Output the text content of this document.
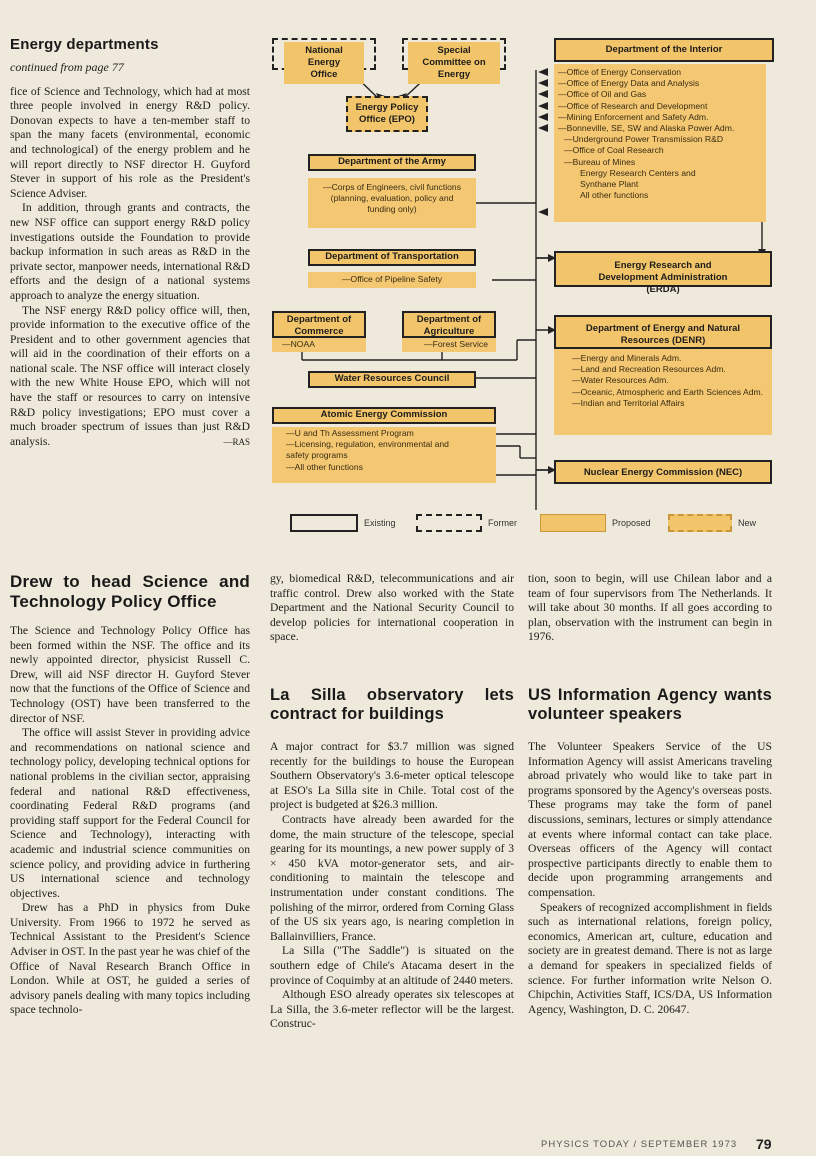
Energy departments
continued from page 77

fice of Science and Technology, which had at most three people involved in energy R&D policy. Donovan expects to have a ten-member staff to span the many facets (environmental, economic and technological) of the energy problem and he will report directly to NSF director H. Guyford Stever in support of his role as the President's Science Adviser.

In addition, through grants and contracts, the new NSF office can support energy R&D policy investigations outside the Foundation to provide backup information in such areas as R&D in the private sector, manpower needs, international R&D efforts and the design of a national systems approach to analyze the energy situation.

The NSF energy R&D policy office will, then, provide information to the executive office of the President and to other government agencies that will aid in the coordination of their efforts on a national scale. The NSF office will interact closely with the new White House EPO, which will not have the staff or resources to carry on intensive R&D policy investigations; EPO must cover a much broader spectrum of issues than just R&D analysis.	—RAS
National Energy Office
Special Committee on Energy
Energy Policy Office (EPO)
Department of the Army
—Corps of Engineers, civil functions (planning, evaluation, policy and funding only)
Department of Transportation
—Office of Pipeline Safety
Department of Commerce
—NOAA
Department of Agriculture
—Forest Service
Water Resources Council
Atomic Energy Commission
—U and Th Assessment Program
—Licensing, regulation, environmental and safety programs
—All other functions
Department of the Interior
—Office of Energy Conservation
—Office of Energy Data and Analysis
—Office of Oil and Gas
—Office of Research and Development
—Mining Enforcement and Safety Adm.
—Bonneville, SE, SW and Alaska Power Adm.
—Underground Power Transmission R&D
—Office of Coal Research
—Bureau of Mines
Energy Research Centers and
Synthane Plant
All other functions
Energy Research and Development Administration (ERDA)
Department of Energy and Natural Resources (DENR)
—Energy and Minerals Adm.
—Land and Recreation Resources Adm.
—Water Resources Adm.
—Oceanic, Atmospheric and Earth Sciences Adm.
—Indian and Territorial Affairs
Nuclear Energy Commission (NEC)
Existing	Former	Proposed	New
Drew to head Science and Technology Policy Office

The Science and Technology Policy Office has been formed within the NSF. The office and its newly appointed director, physicist Russell C. Drew, will aid NSF director H. Guyford Stever now that the functions of the Office of Science and Technology (OST) have been transferred to the director of NSF.

The office will assist Stever in providing advice and recommendations on national science and technology policy, developing technical options for national problems in the civilian sector, appraising federal and national R&D effectiveness, coordinating Federal R&D programs (and providing staff support for the Federal Council for Science and Technology), interacting with academic and industrial science communities on science policy, and providing advice in furthering US international science and technology objectives.

Drew has a PhD in physics from Duke University. From 1966 to 1972 he served as Technical Assistant to the President's Science Adviser in OST. In the past year he was chief of the Office of Naval Research Branch Office in London. While at OST, he guided a series of advisory panels dealing with many topics including space technolo-

gy, biomedical R&D, telecommunications and air traffic control. Drew also worked with the State Department and the National Security Council to develop policies for international cooperation in space.

La Silla observatory lets contract for buildings

A major contract for $3.7 million was signed recently for the buildings to house the European Southern Observatory's 3.6-meter optical telescope at ESO's La Silla site in Chile. Total cost of the project is budgeted at $26.3 million.

Contracts have already been awarded for the dome, the main structure of the telescope, special gearing for its mountings, a new power supply of 3 × 450 kVA motor-generator sets, and air-conditioning to maintain the telescope and instrumentation under constant conditions. The polishing of the mirror, ordered from Corning Glass of the US six years ago, is nearing completion in Ballainvilliers, France.

La Silla ("The Saddle") is situated on the southern edge of Chile's Atacama desert in the province of Coquimby at an altitude of 2440 meters.

Although ESO already operates six telescopes at La Silla, the 3.6-meter reflector will be the largest. Construc-

tion, soon to begin, will use Chilean labor and a team of four supervisors from The Netherlands. It will take about 30 months. If all goes according to plan, observation with the instrument can begin in 1976.

US Information Agency wants volunteer speakers

The Volunteer Speakers Service of the US Information Agency will assist Americans traveling abroad privately who would like to take part in programs sponsored by the Agency's overseas posts. These programs may take the form of panel discussions, seminars, lectures or simply attendance at events where informal contact can take place. Overseas officers of the Agency will contact prospective participants directly to enable them to decide upon programming arrangements and compensation.

Speakers of recognized accomplishment in fields such as international relations, foreign policy, economics, American art, culture, education and society are in greatest demand. There is not as large a demand for speakers in specialized fields of science. For further information write Nelson O. Chipchin, Activities Staff, ICS/DA, US Information Agency, Washington, D. C. 20647.

PHYSICS TODAY / SEPTEMBER 1973 79
